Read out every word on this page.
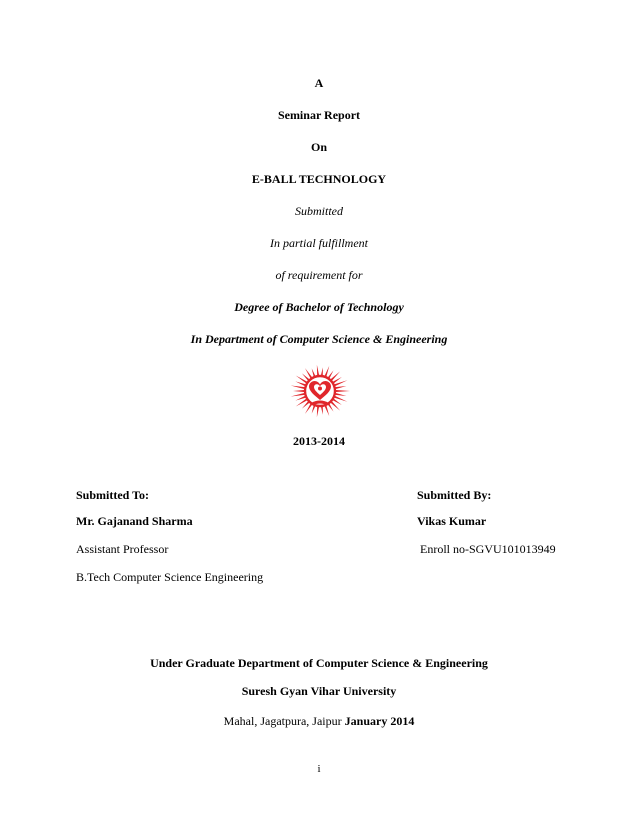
A
Seminar Report
On
E-BALL TECHNOLOGY
Submitted
In partial fulfillment
of requirement for
Degree of Bachelor of Technology
In Department of Computer Science & Engineering
2013-2014
Submitted To:
Mr. Gajanand Sharma
Assistant Professor
B.Tech Computer Science Engineering
Submitted By:
Vikas Kumar
Enroll no-SGVU101013949
Under Graduate Department of Computer Science & Engineering
Suresh Gyan Vihar University
Mahal, Jagatpura, Jaipur January 2014
i
